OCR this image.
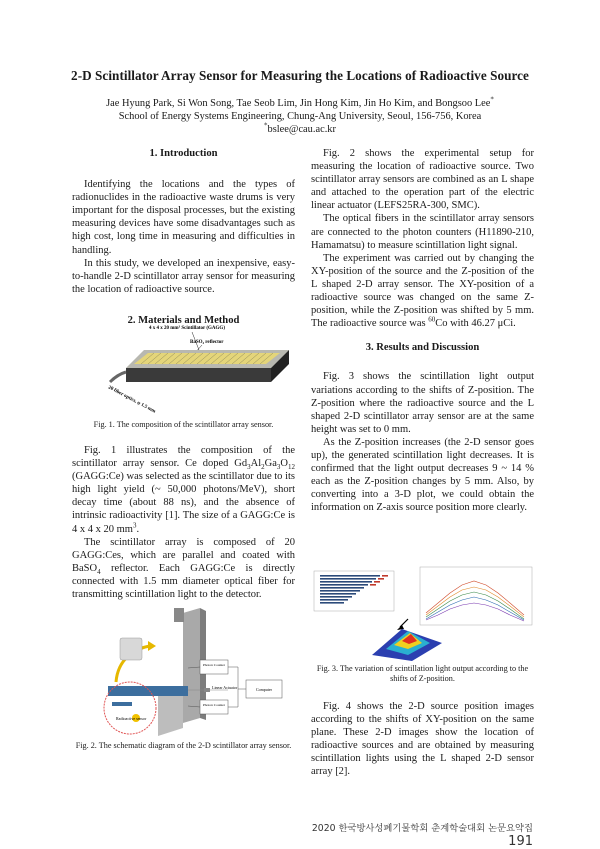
2-D Scintillator Array Sensor for Measuring the Locations of Radioactive Source
Jae Hyung Park, Si Won Song, Tae Seob Lim, Jin Hong Kim, Jin Ho Kim, and Bongsoo Lee*
School of Energy Systems Engineering, Chung-Ang University, Seoul, 156-756, Korea
*bslee@cau.ac.kr
1. Introduction

Identifying the locations and the types of radionuclides in the radioactive waste drums is very important for the disposal processes, but the existing measuring devices have some disadvantages such as high cost, long time in measuring and difficulties in handling.

In this study, we developed an inexpensive, easy-to-handle 2-D scintillator array sensor for measuring the location of radioactive source.

2. Materials and Method
4 x 4 x 20 mm³ Scintillator (GAGG)
BaSO₄ reflector
20 fiber optics, φ 1.5 mm
Fig. 1. The composition of the scintillator array sensor.

Fig. 1 illustrates the composition of the scintillator array sensor. Ce doped $Gd_3Al_2Ga_3O_{12}$ (GAGG:Ce) was selected as the scintillator due to its high light yield (~ 50,000 photons/MeV), short decay time (about 88 ns), and the absence of intrinsic radioactivity [1]. The size of a GAGG:Ce is 4 x 4 x 20 $mm^3$.

The scintillator array is composed of 20 GAGG:Ces, which are parallel and coated with BaSO$_4$ reflector. Each GAGG:Ce is directly connected with 1.5 mm diameter optical fiber for transmitting scintillation light to the detector.

Radioactive sensor
Linear Actuator
Photon Counter
Photon Counter
Computer
Fig. 2. The schematic diagram of the 2-D scintillator array sensor.

Fig. 2 shows the experimental setup for measuring the location of radioactive source. Two scintillator array sensors are combined as an L shape and attached to the operation part of the electric linear actuator (LEFS25RA-300, SMC).

The optical fibers in the scintillator array sensors are connected to the photon counters (H11890-210, Hamamatsu) to measure scintillation light signal.

The experiment was carried out by changing the XY-position of the source and the Z-position of the L shaped 2-D array sensor. The XY-position of a radioactive source was changed on the same Z-position, while the Z-position was shifted by 5 mm. The radioactive source was $^{60}$Co with 46.27 μCi.

3. Results and Discussion

Fig. 3 shows the scintillation light output variations according to the shifts of Z-position. The Z-position where the radioactive source and the L shaped 2-D scintillator array sensor are at the same height was set to 0 mm.

As the Z-position increases (the 2-D sensor goes up), the generated scintillation light decreases. It is confirmed that the light output decreases 9 ~ 14 % each as the Z-position changes by 5 mm. Also, by converting into a 3-D plot, we could obtain the information on Z-axis source position more clearly.

Fig. 3. The variation of scintillation light output according to the shifts of Z-position.

Fig. 4 shows the 2-D source position images according to the shifts of XY-position on the same plane. These 2-D images show the location of radioactive sources and are obtained by measuring scintillation lights using the L shaped 2-D sensor array [2].

2020 한국방사성폐기물학회 춘계학술대회 논문요약집191
